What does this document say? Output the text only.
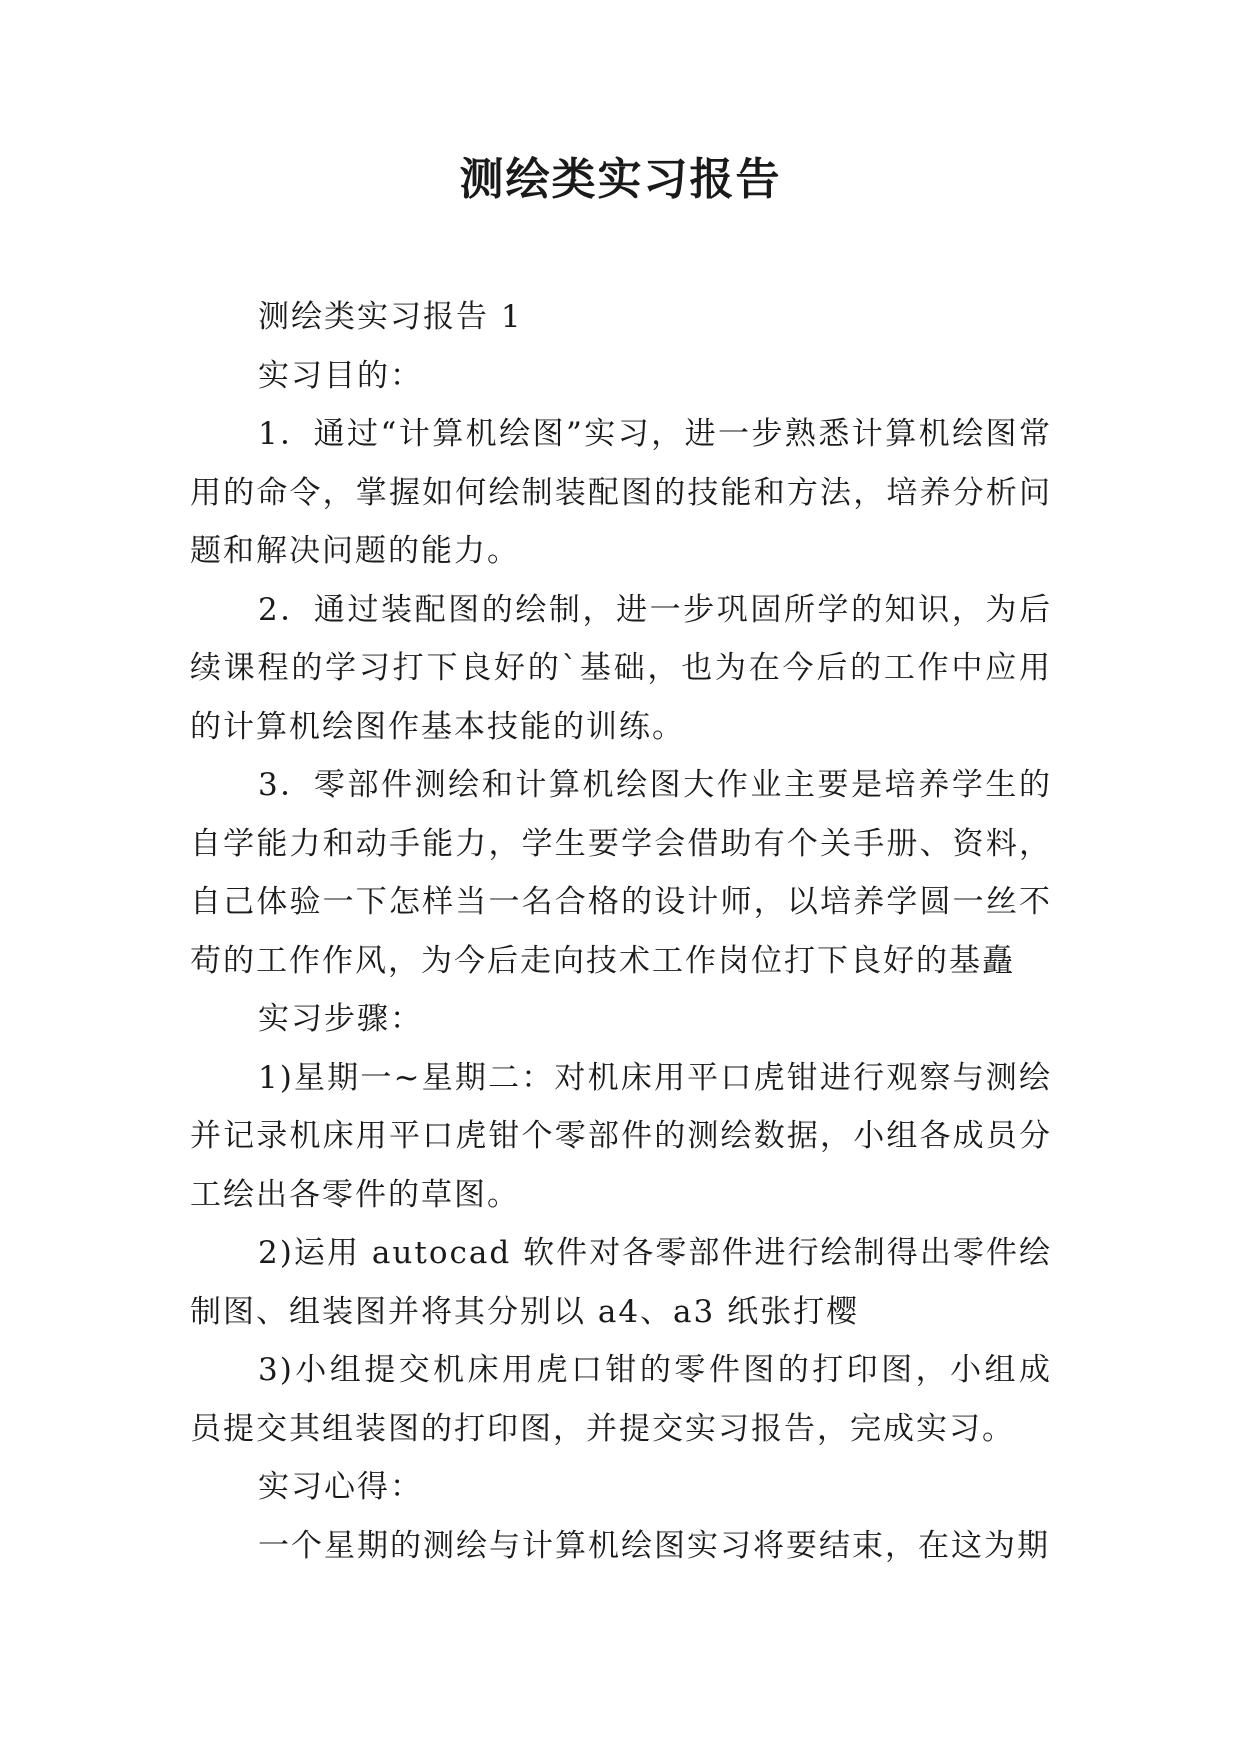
测绘类实习报告

测绘类实习报告 1

实习目的：

1．通过“计算机绘图”实习，进一步熟悉计算机绘图常用的命令，掌握如何绘制装配图的技能和方法，培养分析问题和解决问题的能力。

2．通过装配图的绘制，进一步巩固所学的知识，为后续课程的学习打下良好的`基础，也为在今后的工作中应用的计算机绘图作基本技能的训练。

3．零部件测绘和计算机绘图大作业主要是培养学生的自学能力和动手能力，学生要学会借助有个关手册、资料，自己体验一下怎样当一名合格的设计师，以培养学圆一丝不苟的工作作风，为今后走向技术工作岗位打下良好的基矗

实习步骤：

1)星期一~星期二：对机床用平口虎钳进行观察与测绘并记录机床用平口虎钳个零部件的测绘数据，小组各成员分工绘出各零件的草图。

2)运用 autocad 软件对各零部件进行绘制得出零件绘制图、组装图并将其分别以 a4、a3 纸张打樱

3)小组提交机床用虎口钳的零件图的打印图，小组成员提交其组装图的打印图，并提交实习报告，完成实习。

实习心得：

一个星期的测绘与计算机绘图实习将要结束，在这为期
